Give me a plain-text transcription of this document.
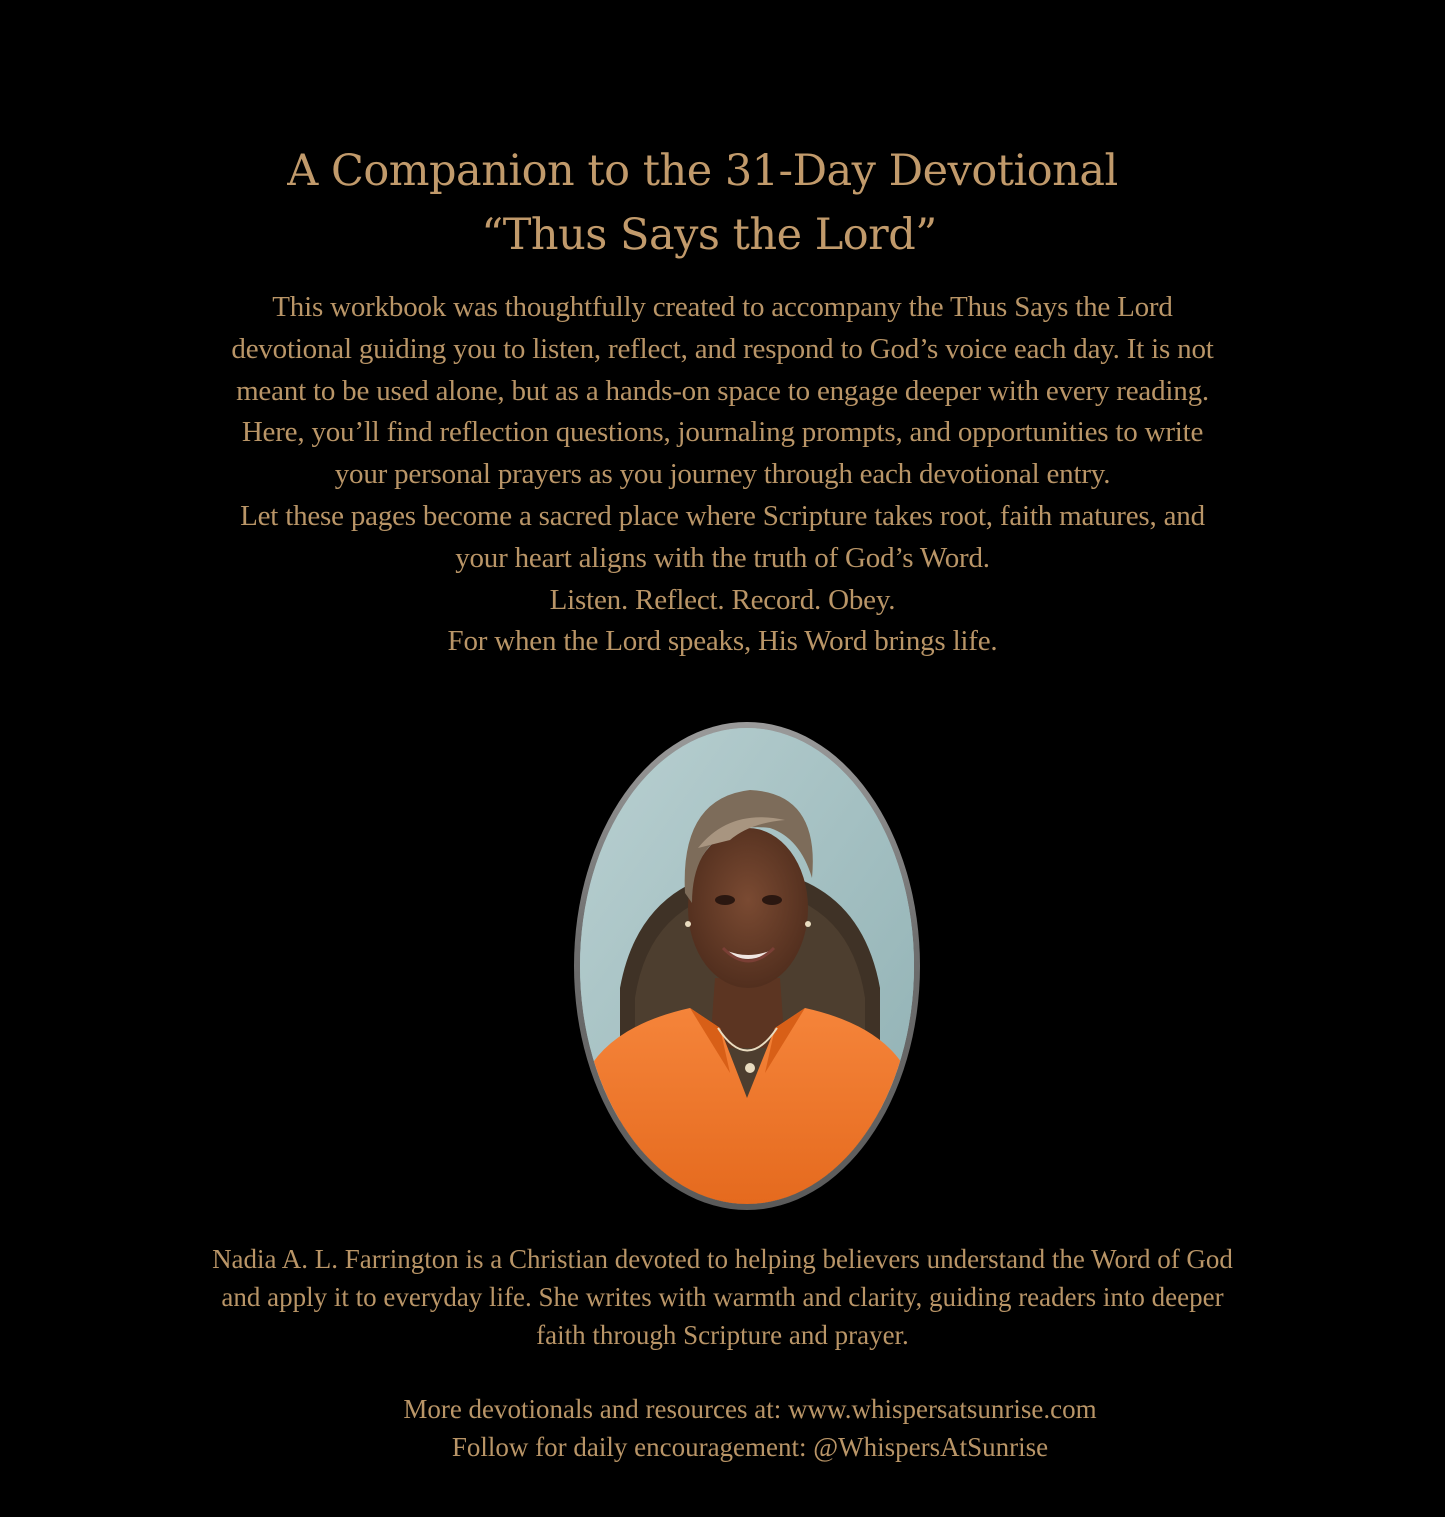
A Companion to the 31-Day Devotional
“Thus Says the Lord”

This workbook was thoughtfully created to accompany the Thus Says the Lord

devotional guiding you to listen, reflect, and respond to God’s voice each day. It is not

meant to be used alone, but as a hands-on space to engage deeper with every reading.

Here, you’ll find reflection questions, journaling prompts, and opportunities to write

your personal prayers as you journey through each devotional entry.

Let these pages become a sacred place where Scripture takes root, faith matures, and

your heart aligns with the truth of God’s Word.

Listen. Reflect. Record. Obey.

For when the Lord speaks, His Word brings life.

Nadia A. L. Farrington is a Christian devoted to helping believers understand the Word of God

and apply it to everyday life. She writes with warmth and clarity, guiding readers into deeper

faith through Scripture and prayer.

More devotionals and resources at: www.whispersatsunrise.com

Follow for daily encouragement: @WhispersAtSunrise
